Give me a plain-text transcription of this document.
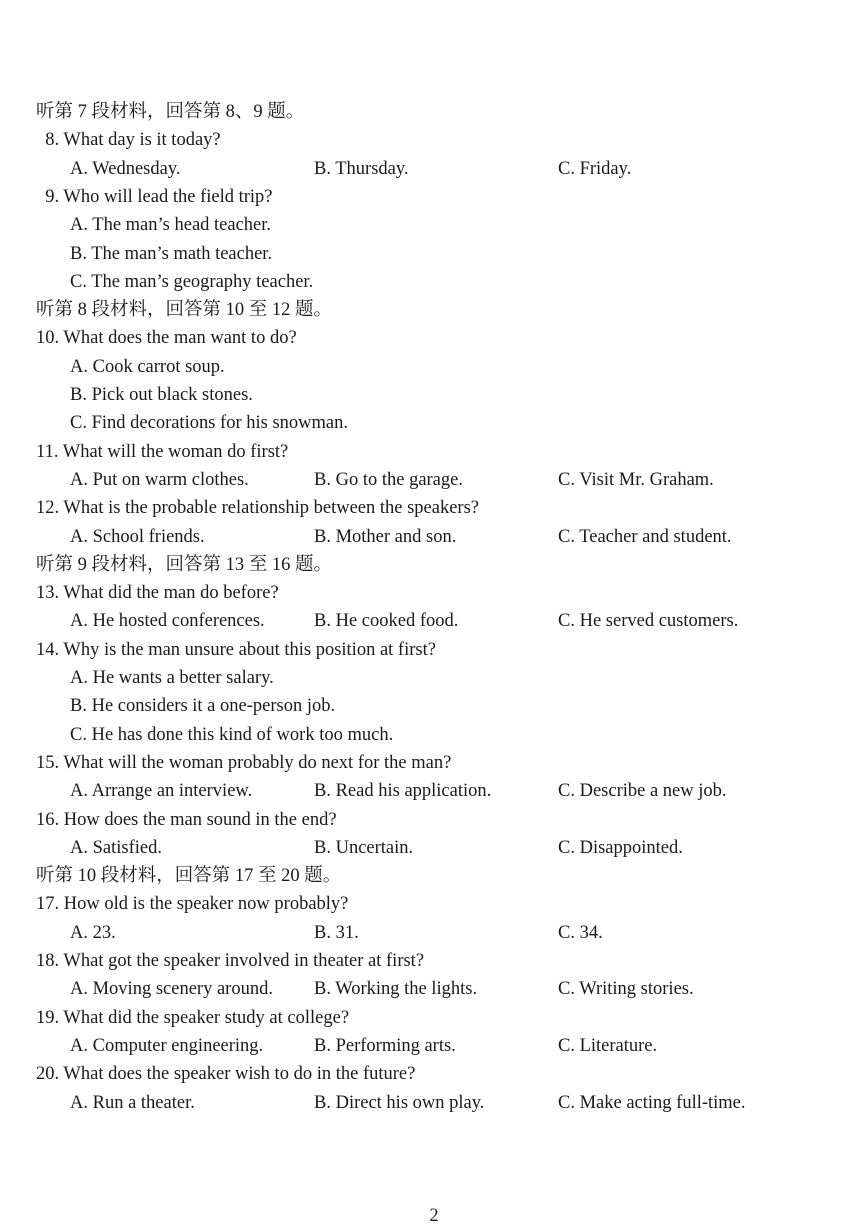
听第 7 段材料，回答第 8、9 题。
8. What day is it today?
A. Wednesday.	B. Thursday.	C. Friday.
9. Who will lead the field trip?
A. The man’s head teacher.
B. The man’s math teacher.
C. The man’s geography teacher.
听第 8 段材料，回答第 10 至 12 题。
10. What does the man want to do?
A. Cook carrot soup.
B. Pick out black stones.
C. Find decorations for his snowman.
11. What will the woman do first?
A. Put on warm clothes.	B. Go to the garage.	C. Visit Mr. Graham.
12. What is the probable relationship between the speakers?
A. School friends.	B. Mother and son.	C. Teacher and student.
听第 9 段材料，回答第 13 至 16 题。
13. What did the man do before?
A. He hosted conferences.	B. He cooked food.	C. He served customers.
14. Why is the man unsure about this position at first?
A. He wants a better salary.
B. He considers it a one-person job.
C. He has done this kind of work too much.
15. What will the woman probably do next for the man?
A. Arrange an interview.	B. Read his application.	C. Describe a new job.
16. How does the man sound in the end?
A. Satisfied.	B. Uncertain.	C. Disappointed.
听第 10 段材料，回答第 17 至 20 题。
17. How old is the speaker now probably?
A. 23.	B. 31.	C. 34.
18. What got the speaker involved in theater at first?
A. Moving scenery around. B. Working the lights.	C. Writing stories.
19. What did the speaker study at college?
A. Computer engineering.	B. Performing arts.	C. Literature.
20. What does the speaker wish to do in the future?
A. Run a theater.	B. Direct his own play.	C. Make acting full-time.
2
